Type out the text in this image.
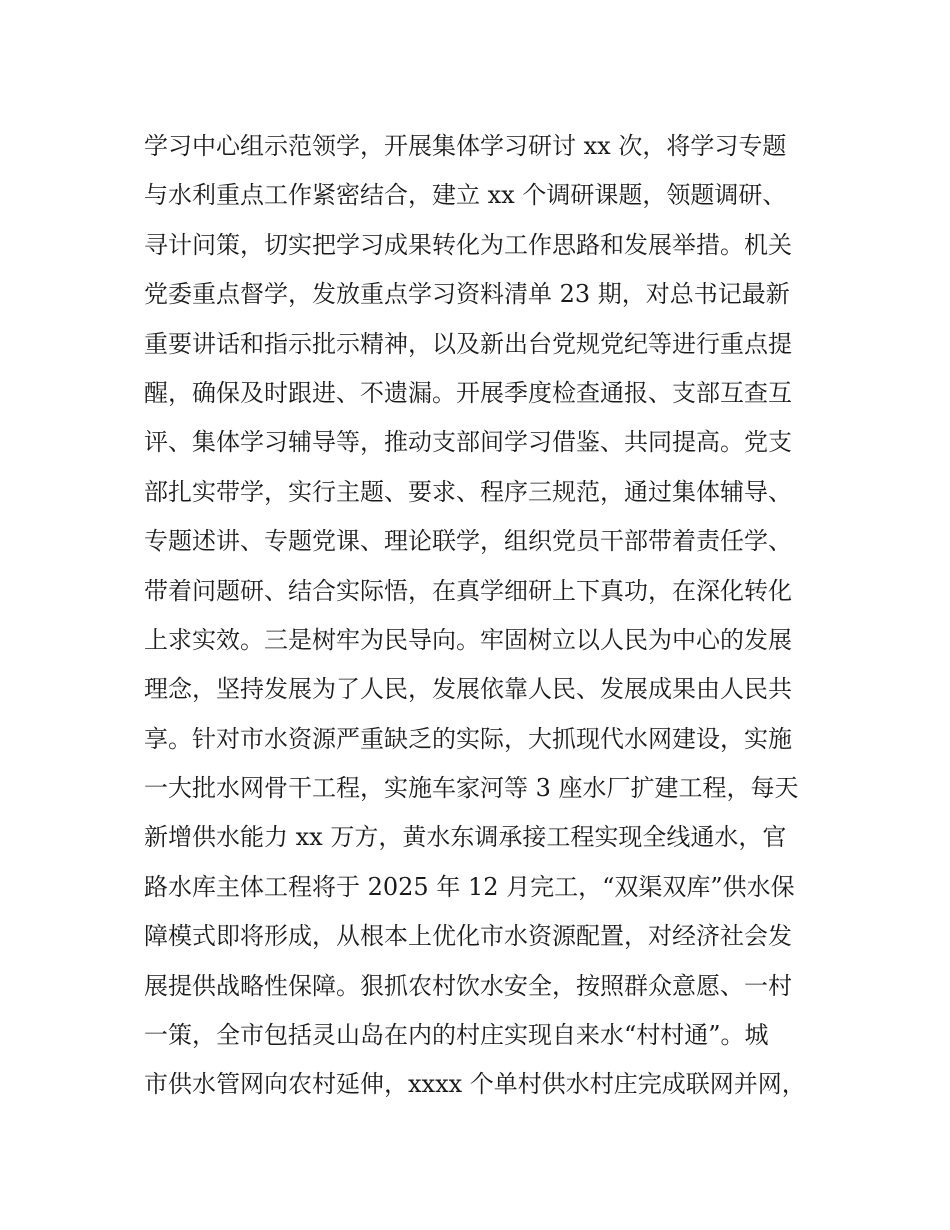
学习中心组示范领学，开展集体学习研讨 xx 次，将学习专题

与水利重点工作紧密结合，建立 xx 个调研课题，领题调研、

寻计问策，切实把学习成果转化为工作思路和发展举措。机关

党委重点督学，发放重点学习资料清单 23 期，对总书记最新

重要讲话和指示批示精神，以及新出台党规党纪等进行重点提

醒，确保及时跟进、不遗漏。开展季度检查通报、支部互查互

评、集体学习辅导等，推动支部间学习借鉴、共同提高。党支

部扎实带学，实行主题、要求、程序三规范，通过集体辅导、

专题述讲、专题党课、理论联学，组织党员干部带着责任学、

带着问题研、结合实际悟，在真学细研上下真功，在深化转化

上求实效。三是树牢为民导向。牢固树立以人民为中心的发展

理念，坚持发展为了人民，发展依靠人民、发展成果由人民共

享。针对市水资源严重缺乏的实际，大抓现代水网建设，实施

一大批水网骨干工程，实施车家河等 3 座水厂扩建工程，每天

新增供水能力 xx 万方，黄水东调承接工程实现全线通水，官

路水库主体工程将于 2025 年 12 月完工，“双渠双库”供水保

障模式即将形成，从根本上优化市水资源配置，对经济社会发

展提供战略性保障。狠抓农村饮水安全，按照群众意愿、一村

一策，全市包括灵山岛在内的村庄实现自来水“村村通”。城

市供水管网向农村延伸，xxxx 个单村供水村庄完成联网并网，
